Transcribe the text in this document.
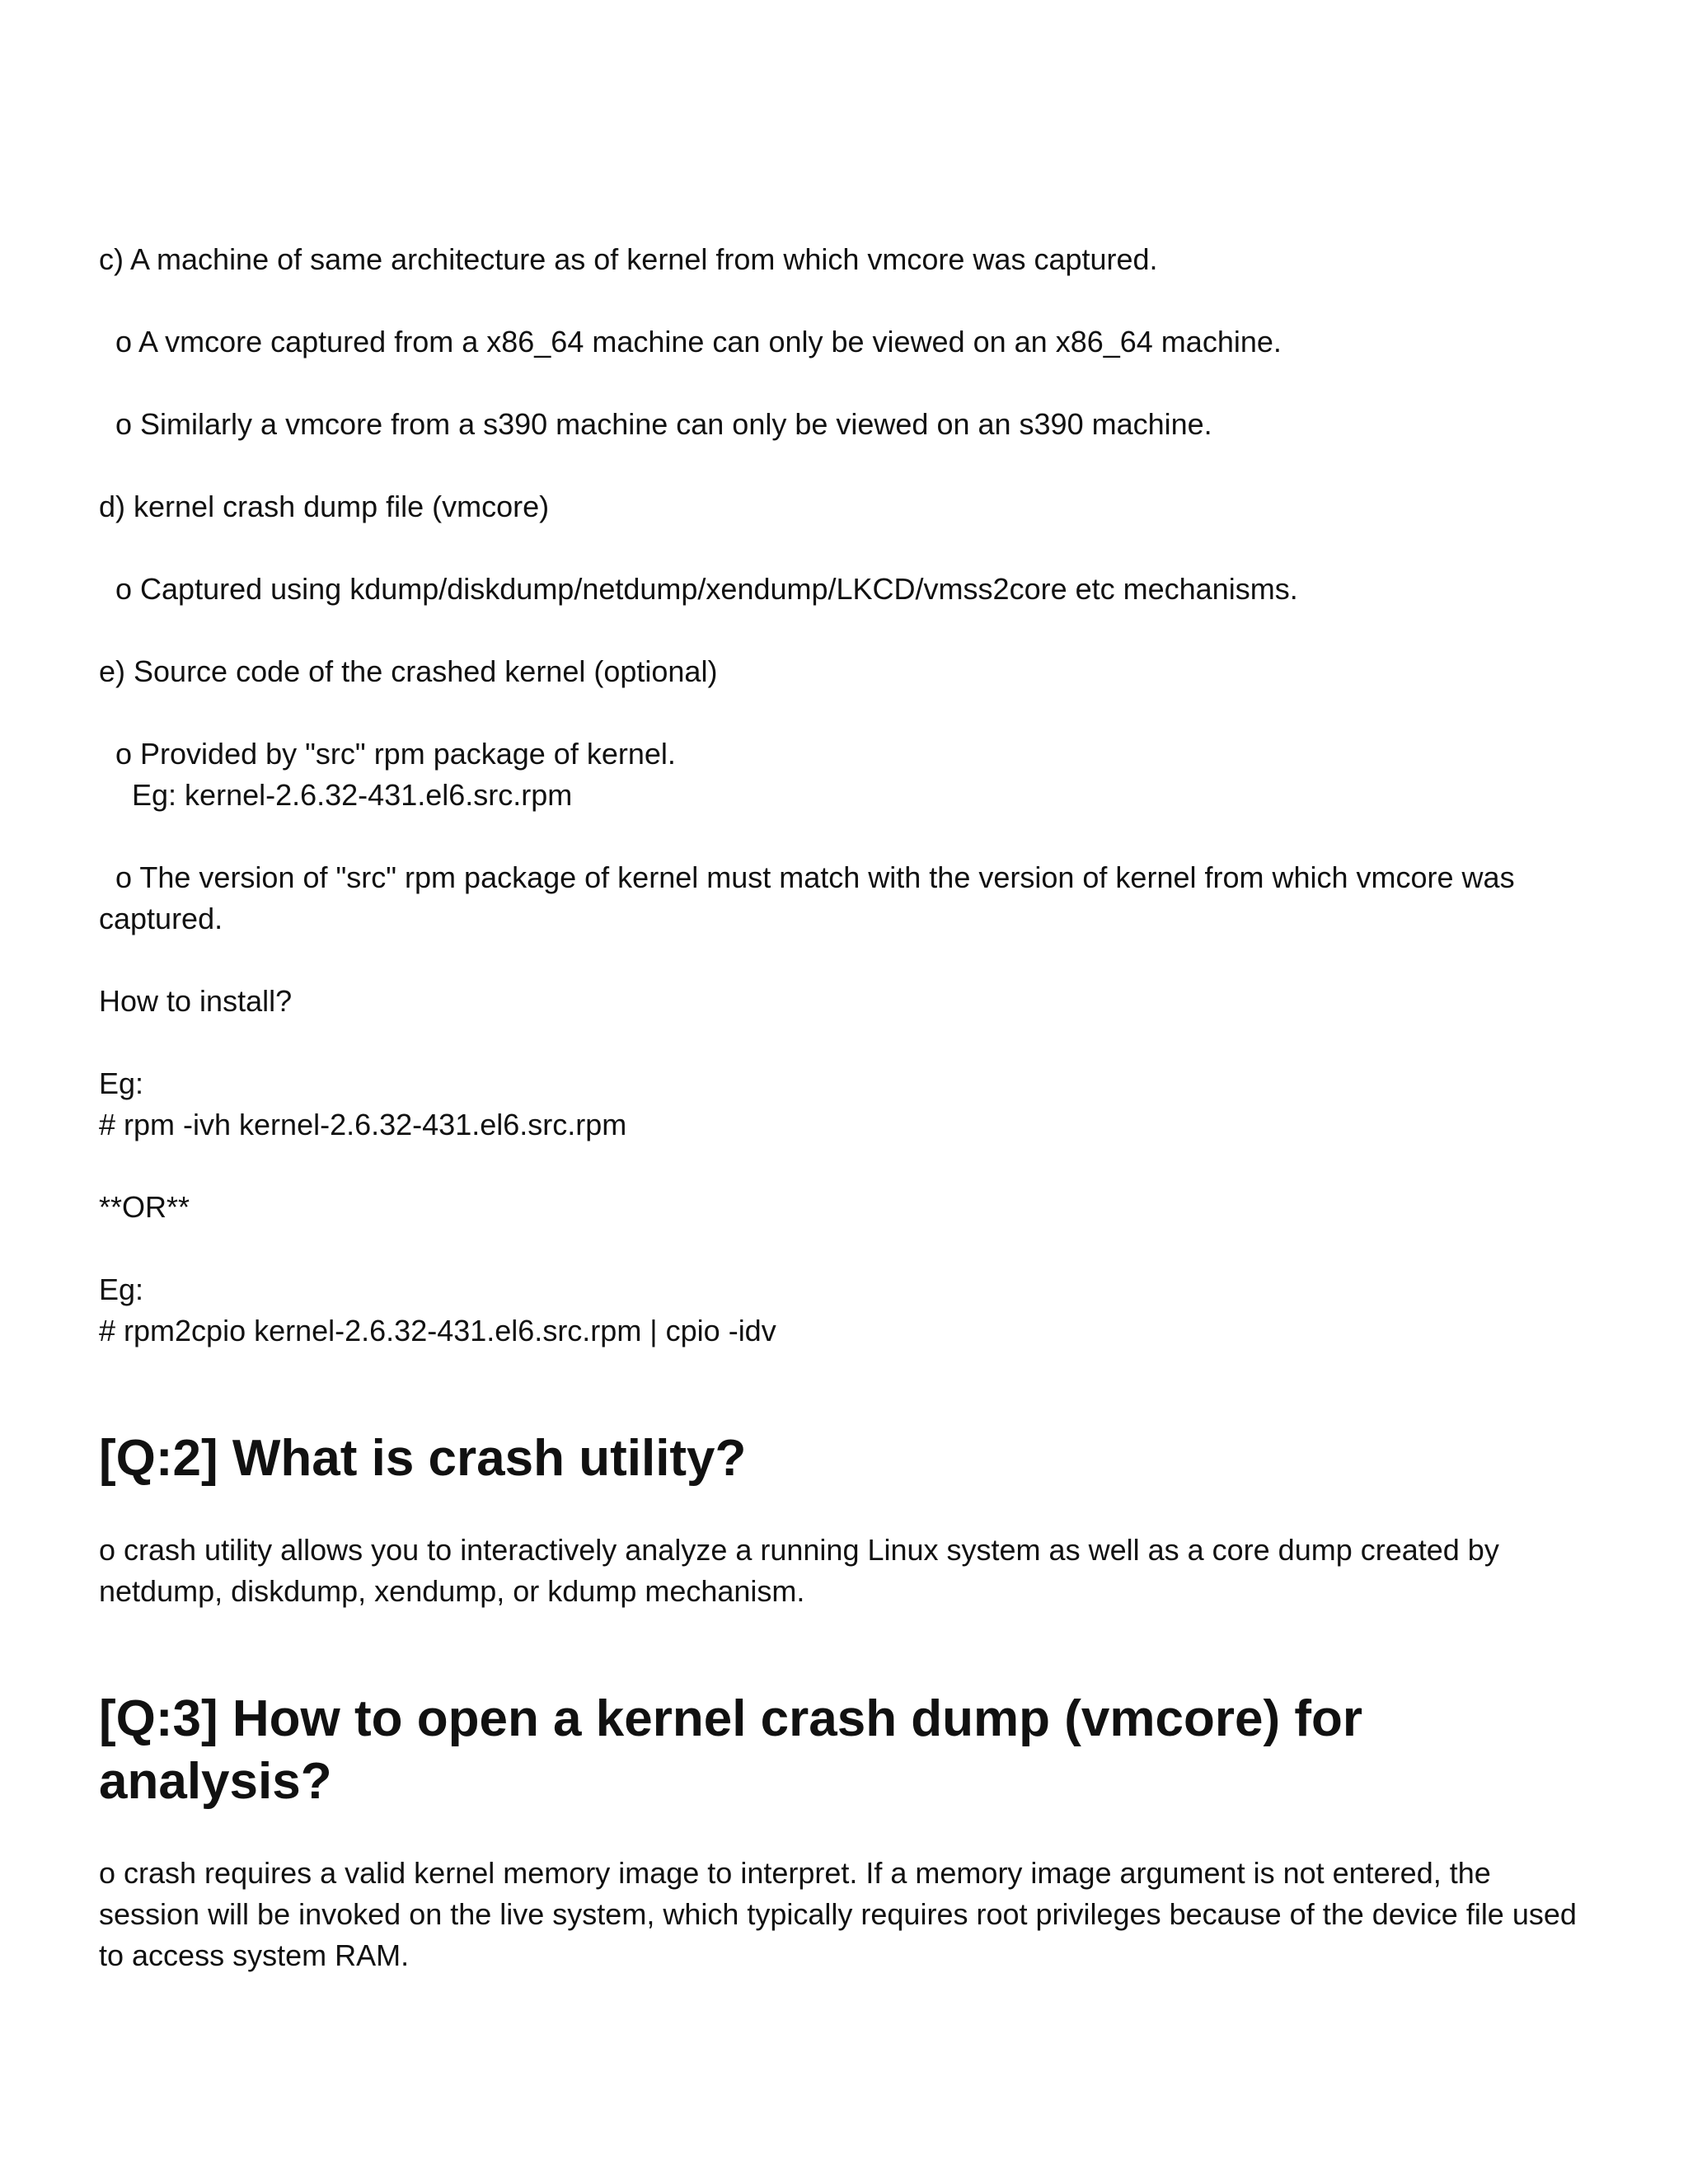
c) A machine of same architecture as of kernel from which vmcore was captured.

o A vmcore captured from a x86_64 machine can only be viewed on an x86_64 machine.

o Similarly a vmcore from a s390 machine can only be viewed on an s390 machine.

d) kernel crash dump file (vmcore)

o Captured using kdump/diskdump/netdump/xendump/LKCD/vmss2core etc mechanisms.

e) Source code of the crashed kernel (optional)

o Provided by "src" rpm package of kernel.

Eg: kernel-2.6.32-431.el6.src.rpm

o The version of "src" rpm package of kernel must match with the version of kernel from which vmcore was captured.

How to install?

Eg:

# rpm -ivh kernel-2.6.32-431.el6.src.rpm

**OR**

Eg:

# rpm2cpio kernel-2.6.32-431.el6.src.rpm | cpio -idv

[Q:2] What is crash utility?

o crash utility allows you to interactively analyze a running Linux system as well as a core dump created by netdump, diskdump, xendump, or kdump mechanism.

[Q:3] How to open a kernel crash dump (vmcore) for analysis?

o crash requires a valid kernel memory image to interpret. If a memory image argument is not entered, the session will be invoked on the live system, which typically requires root privileges because of the device file used to access system RAM.
